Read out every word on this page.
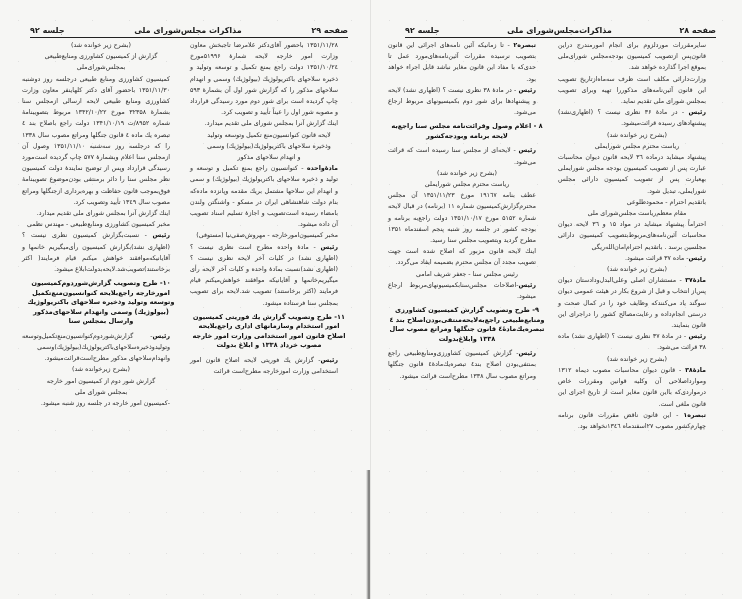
صفحه ۲۹
مذاکرات مجلس‌شورای ملی
جلسه ۹۲

(بشرح زیر خوانده شد)

گزارش از کمیسیون کشاورزی ومنابع‌طبیعی

بمجلس‌شورای‌ملی

کمیسیون کشاورزی ومنابع طبیعی درجلسه روز دوشنبه ۱۳۵۱/۱۱/۳۰ باحضور آقای دکتر کلهاینفر معاون وزارت کشاورزی ومنابع طبیعی لایحه ارسالی ازمجلس سنا بشمارهٔ ۳۲۳۵۸ مورخ ۱۳۴۲/۱۰/۲۲ مربوط بتصویبنامهٔ شماره ۸۹۵۲/ت ۱۳۴۱/۱۰/۱۹ دولت راجع باصلاح بند ٤ تبصره یك ماده ٤ قانون جنگلها ومراتع مصوب سال ۱۳۳۸ را که درجلسه روز سه‌شنبه ۱۳۵۱/۱۱/۱۰ وصول آن ازمجلس سنا اعلام وبشمارهٔ ۵۷۷ چاپ گردیده است‌مورد رسیدگی قرارداد وپس از توضیح نمایندهٔ دولت کمیسیون نظر مجلس سنا را دائر برمنتفی بودن‌موضوع تصویبنامهٔ فوق‌بموجب قانون حفاظت و بهره‌برداری ازجنگلها ومراتع مصوب سال ۱۳٤۹ تأیید وتصویب کرد.

اینك گزارش آنرا بمجلس شورای ملی تقدیم میدارد.

مخبر کمیسیون کشاورزی ومنابع‌طبیعی - مهندس نظمی

رئیس - نسبت‌بگزارش کمیسیون نظری نیست ؟ (اظهاری نشد)بگزارش کمیسیون رأی‌میگیریم خانمها و آقایانیکه‌موافقند خواهش میکنم قیام فرمایند( اکثر برخاستند)تصویب‌شد.لایحه‌بدولت‌ابلاغ میشود.

۱۰- طرح وتصویب گزارش‌شوردوم‌کمیسیون امورخارجه راجع‌بلایحه کنوانسیون‌منع‌تکمیل وتوسعه وتولید وذخیره سلاحهای باکتریولوژیك (بیولوژیك) وسمی وانهدام سلاحهای‌مذکور وارسال بمجلس سنا

رئیس- گزارش‌شوردوم‌کنوانسیون‌منع‌تکمیل‌وتوسعه وتولیدوذخیره‌سلاحهای‌باکتریولوژیك(بیولوژیك)وسمی وانهدام‌سلاحهای مذکور مطرح‌است‌قرائت‌میشود.

(بشرح زیرخوانده شد)

گزارش شور دوم از کمیسیون امور خارجه

بمجلس شورای ملی

-کمیسیون امور خارجه در جلسه روز شنبه میشود.

۱۳۵۱/۱۱/۲۸ باحضور آقای‌دکتر غلامرضا تاجبخش معاون وزارت امور خارجه لایحه شمارهٔ ۵۱۹۹۶مورخ ۱۳۵۱/۱۰/۲٤ دولت راجع بمنع تکمیل و توسعه وتولید و ذخیره سلاحهای باکتریولوژیك (بیولوژیك) وسمی و انهدام سلاحهای مذکور را که گزارش شور اول آن بشمارهٔ ۵۹۳ چاپ گردیده است برای شور دوم مورد رسیدگی قرارداد و مصوبه شور اول را عیناً تأیید و تصویب کرد.

اینك گزارش آنرا بمجلس شورای ملی تقدیم میدارد.

لایحه قانون کنوانسیون‌منع تکمیل وتوسعه وتولید

وذخیره سلاحهای باکتریولوژیك(بیولوژیك) وسمی

و انهدام سلاحهای مذکور

مادهٔ‌واحده - کنوانسیون راجع بمنع تکمیل و توسعه و تولید و ذخیره سلاحهای باکتریولوژیك (بیولوژیك) و سمی و انهدام این سلاحها مشتمل بریك مقدمه وپانزده ماده‌که بنام دولت شاهنشاهی ایران در مسکو - واشنگتن ولندن بامضاء رسیده است‌تصویب و اجازهٔ تسلیم اسناد تصویب آن داده میشود.

مخبر کمیسیون‌امورخارجه - مهروش‌صفی‌نیا (مستوفی)

رئیس - مادهٔ واحده مطرح است نظری نیست ؟ (اظهاری نشد) در کلیات آخر لایحه نظری نیست ؟ (اظهاری نشد)نسبت بمادهٔ واحده و کلیات آخر لایحه رأی میگیریم‌خانمها و آقایانیکه موافقند خواهش‌میکنم قیام فرمایند (اکثر برخاستند) تصویب شد.لایحه برای تصویب بمجلس سنا فرستاده میشود.

۱۱- طرح وتصویب گزارش یك فوریتی کمیسیون امور استخدام وسازمانهای اداری راجع‌بلایحه اصلاح قانون امور استخدامی وزارت امور خارجه مصوب خرداد ۱۳۳۸ و ابلاغ بدولت

رئیس- گزارش یك فوریتی لایحه اصلاح قانون امور استخدامی وزارت اموزخارجه مطرح‌است قرائت

صفحه ۲۸
مذاکرات‌مجلس‌شورای ملی
جلسه ۹۲

سایرمقررات موردلزوم برای انجام امورمندرج دراین قانون‌پس ازتصویب کمیسیون بودجه‌مجلس شورای‌ملی بموقع اجرا گذارده خواهد شد.

وزارت‌دارائی مکلف است ظرف سه‌ماه‌ازتاریخ تصویب این قانون آئین‌نامه‌های مذکوررا تهیه وبرای تصویب بمجلس شورای ملی تقدیم نماید.

رئیس - در مادهٔ ۳۶ نظری نیست ؟ (اظهاری‌نشد) پیشنهادهای رسیده قرائت‌میشود.

(بشرح زیر خوانده شد)

ریاست محترم مجلس شورایملی

پیشنهاد میشاید درماده ۳٦ لایحه قانون دیوان محاسبات عبارت پس از تصویب کمیسیون بودجه مجلس شورایملی بهعبارت پس از تصویب کمیسیون دارائی مجلس شورایملی، تبدیل شود.

باتقدیم احترام - محمودطلوعی

مقام معظم‌ریاست مجلس‌شورای ملی

احتراماً پیشنهاد میشاید در مواد ۱۵ و ۳٦ لایحه دیوان محاسبات آئین‌نامه‌های‌مربوط‌بتصویب کمیسیون دارائی مجلسین برسد . باتقدیم احترام‌امان‌الله‌ریگی

رئیس- ماده ۳۷ قرائت میشود.

(بشرح زیر خوانده شد)

مادهٔ۳۷ - مستشاران اصلی وعلی‌البدل‌ودادستان دیوان پس‌از انتخاب و قبل از شروع بکار در هیئت عمومی دیوان سوگند یاد می‌کنندکه وظایف خود را در کمال صحت و درستی انجام‌داده و رعایت‌مصالح کشور را دراجرای این قانون بنمایند.

رئیس - در مادهٔ ۳۷ نظری نیست ؟ (اظهاری نشد) ماده ۳۸ قرائت می‌شود.

(بشرح زیر خوانده شد)

مادهٔ۳۸ - قانون دیوان محاسبات مصوب دیماه ۱۳۱۲ وموارداصلاحی آن وکلیه قوانین ومقررات خاص درمواردی‌که بااین قانون مغایر است از تاریخ اجرای این قانون ملغی است.

تبصره۱ - این قانون ناقض مقررات قانون برنامه چهارم‌کشور مصوب ۲۷اسفندماه ۱۳٤٦نخواهد بود.

تبصره۲ - تا زمانیکه آئین نامه‌های اجرائی این قانون بتصویب نرسیده مقررات آئین‌نامه‌های‌مورد عمل تا حدی‌که با مفاد این قانون مغایر نباشد قابل اجراء خواهد بود.

رئیس - در مادهٔ ۳۸ نظری نیست ؟ (اظهاری نشد) لایحه و پیشنهادها برای شور دوم بکمیسیونهای مربوط ارجاع می‌شود.

۸ - اعلام وصول وقرائت‌نامه مجلس سنا راجع‌به لایحه برنامه وبودجه‌کشور

رئیس - لایحه‌ای از مجلس سنا رسیده است که قرائت می‌شود.

(بشرح زیر خوانده شد)

ریاست محترم مجلس شورایملی

عطف بنامه ۱۹۱٦۷ مورخ ۱۳۵۱/۱۱/۲۳ آن مجلس محترم‌گزارش‌کمیسیون شماره ۱۱ (برنامه) در قبال لایحه شماره ۵۱۵۲ مورخ ۱۳۵۱/۱۰/۱۷ دولت راجع‌به برنامه و بودجه کشور در جلسه روز شنبه پنجم اسفندماه ۱۳۵۱ مطرح گردید وبتصویب مجلس سنا رسید.

اینك لایحه قانون مزبور که اصلاح شده است جهت تصویب مجدد آن مجلس محترم بضمیمه ایفاد می‌گردد.

رئیس مجلس سنا - جعفر شریف امامی

رئیس-اصلاحات مجلس‌سنابکمیسیونهای‌مربوط ارجاع میشود.

۹- طرح وتصویب گزارش کمیسیون کشاورزی ومنابع‌طبیعی راجع‌به‌لایحه‌منتفی‌بودن‌اصلاح بند ٤ تبصره‌یك‌مادهٔ٤ قانون جنگلها ومراتع مصوب سال ۱۳۳۸ وابلاغ‌بدولت

رئیس- گزارش کمیسیون کشاورزی‌ومنابع‌طبیعی راجع بمنتفی‌بودن اصلاح بند٤ تبصره‌یك‌مادهٔ٤ قانون جنگلها ومراتع مصوب سال ۱۳۳۸ مطرح‌است قرائت میشود.
